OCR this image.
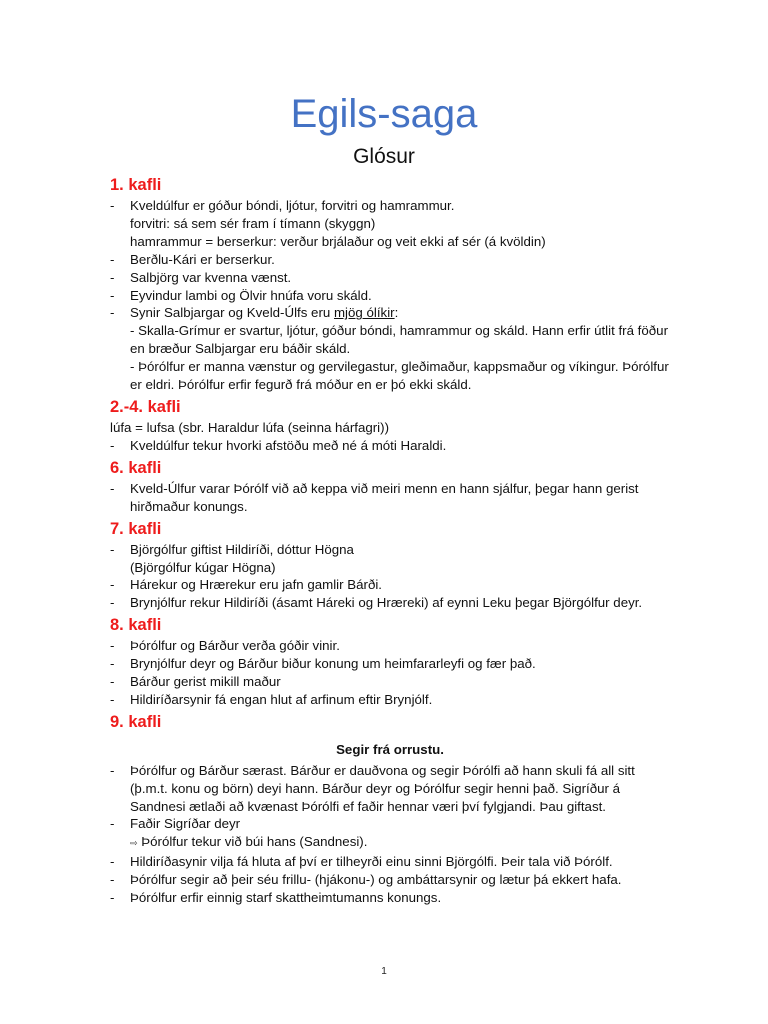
Egils-saga
Glósur
1. kafli
- Kveldúlfur er góður bóndi, ljótur, forvitri og hamrammur.
forvitri: sá sem sér fram í tímann (skyggn)
hamrammur = berserkur: verður brjálaður og veit ekki af sér (á kvöldin)
- Berðlu-Kári er berserkur.
- Salbjörg var kvenna vænst.
- Eyvindur lambi og Ölvir hnúfa voru skáld.
- Synir Salbjargar og Kveld-Úlfs eru mjög ólíkir:
- Skalla-Grímur er svartur, ljótur, góður bóndi, hamrammur og skáld. Hann erfir útlit frá föður en bræður Salbjargar eru báðir skáld.
- Þórólfur er manna vænstur og gervilegastur, gleðimaður, kappsmaður og víkingur. Þórólfur er eldri. Þórólfur erfir fegurð frá móður en er þó ekki skáld.
2.-4. kafli
lúfa = lufsa (sbr. Haraldur lúfa (seinna hárfagri))
- Kveldúlfur tekur hvorki afstöðu með né á móti Haraldi.
6. kafli
- Kveld-Úlfur varar Þórólf við að keppa við meiri menn en hann sjálfur, þegar hann gerist hirðmaður konungs.
7. kafli
- Björgólfur giftist Hildiríði, dóttur Högna
(Björgólfur kúgar Högna)
- Hárekur og Hrærekur eru jafn gamlir Bárði.
- Brynjólfur rekur Hildiríði (ásamt Háreki og Hræreki) af eynni Leku þegar Björgólfur deyr.
8. kafli
- Þórólfur og Bárður verða góðir vinir.
- Brynjólfur deyr og Bárður biður konung um heimfararleyfi og fær það.
- Bárður gerist mikill maður
- Hildiríðarsynir fá engan hlut af arfinum eftir Brynjólf.
9. kafli
Segir frá orrustu.
- Þórólfur og Bárður særast. Bárður er dauðvona og segir Þórólfi að hann skuli fá all sitt (þ.m.t. konu og börn) deyi hann. Bárður deyr og Þórólfur segir henni það. Sigríður á Sandnesi ætlaði að kvænast Þórólfi ef faðir hennar væri því fylgjandi. Þau giftast.
- Faðir Sigríðar deyr
⇨ Þórólfur tekur við búi hans (Sandnesi).
- Hildiríðasynir vilja fá hluta af því er tilheyrði einu sinni Björgólfi. Þeir tala við Þórólf.
- Þórólfur segir að þeir séu frillu- (hjákonu-) og ambáttarsynir og lætur þá ekkert hafa.
- Þórólfur erfir einnig starf skattheimtumanns konungs.
1
